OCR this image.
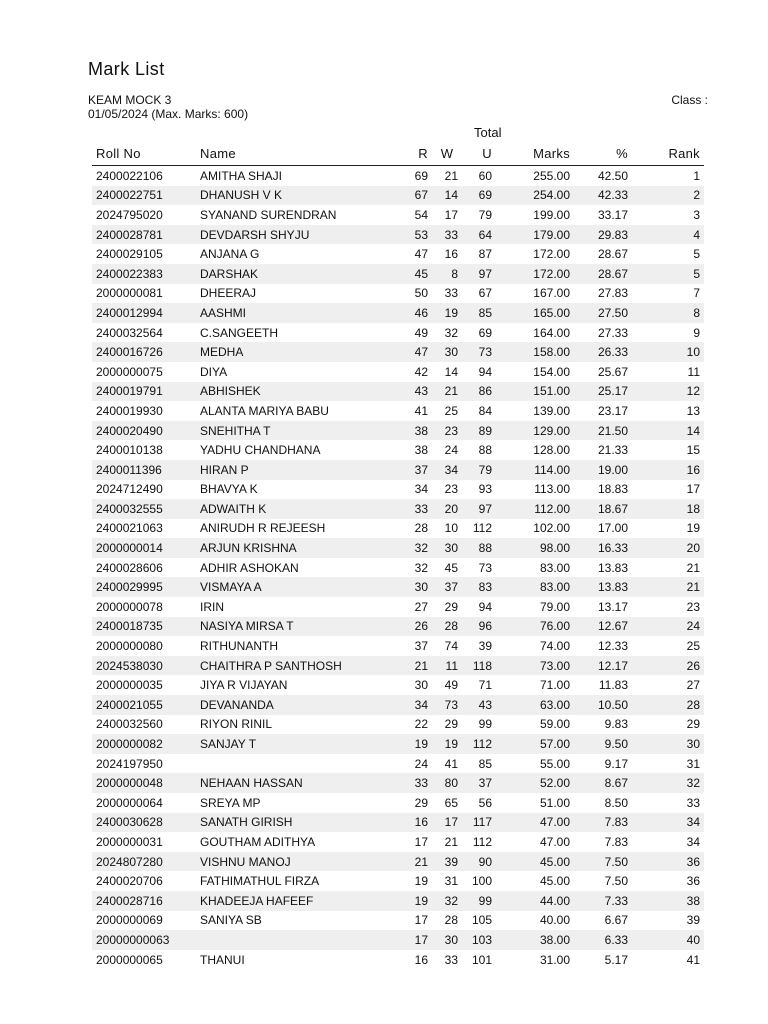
Mark List
KEAM MOCK 3
01/05/2024 (Max. Marks: 600)
Class :
Total
Roll No	Name	R	W	U	Marks	%	Rank
2400022106	AMITHA SHAJI	69	21	60	255.00	42.50	1
2400022751	DHANUSH V K	67	14	69	254.00	42.33	2
2024795020	SYANAND SURENDRAN	54	17	79	199.00	33.17	3
2400028781	DEVDARSH SHYJU	53	33	64	179.00	29.83	4
2400029105	ANJANA G	47	16	87	172.00	28.67	5
2400022383	DARSHAK	45	8	97	172.00	28.67	5
2000000081	DHEERAJ	50	33	67	167.00	27.83	7
2400012994	AASHMI	46	19	85	165.00	27.50	8
2400032564	C.SANGEETH	49	32	69	164.00	27.33	9
2400016726	MEDHA	47	30	73	158.00	26.33	10
2000000075	DIYA	42	14	94	154.00	25.67	11
2400019791	ABHISHEK	43	21	86	151.00	25.17	12
2400019930	ALANTA MARIYA BABU	41	25	84	139.00	23.17	13
2400020490	SNEHITHA T	38	23	89	129.00	21.50	14
2400010138	YADHU CHANDHANA	38	24	88	128.00	21.33	15
2400011396	HIRAN P	37	34	79	114.00	19.00	16
2024712490	BHAVYA K	34	23	93	113.00	18.83	17
2400032555	ADWAITH K	33	20	97	112.00	18.67	18
2400021063	ANIRUDH R REJEESH	28	10	112	102.00	17.00	19
2000000014	ARJUN KRISHNA	32	30	88	98.00	16.33	20
2400028606	ADHIR ASHOKAN	32	45	73	83.00	13.83	21
2400029995	VISMAYA A	30	37	83	83.00	13.83	21
2000000078	IRIN	27	29	94	79.00	13.17	23
2400018735	NASIYA MIRSA T	26	28	96	76.00	12.67	24
2000000080	RITHUNANTH	37	74	39	74.00	12.33	25
2024538030	CHAITHRA P SANTHOSH	21	11	118	73.00	12.17	26
2000000035	JIYA R VIJAYAN	30	49	71	71.00	11.83	27
2400021055	DEVANANDA	34	73	43	63.00	10.50	28
2400032560	RIYON RINIL	22	29	99	59.00	9.83	29
2000000082	SANJAY T	19	19	112	57.00	9.50	30
2024197950		24	41	85	55.00	9.17	31
2000000048	NEHAAN HASSAN	33	80	37	52.00	8.67	32
2000000064	SREYA MP	29	65	56	51.00	8.50	33
2400030628	SANATH GIRISH	16	17	117	47.00	7.83	34
2000000031	GOUTHAM ADITHYA	17	21	112	47.00	7.83	34
2024807280	VISHNU MANOJ	21	39	90	45.00	7.50	36
2400020706	FATHIMATHUL FIRZA	19	31	100	45.00	7.50	36
2400028716	KHADEEJA HAFEEF	19	32	99	44.00	7.33	38
2000000069	SANIYA SB	17	28	105	40.00	6.67	39
20000000063		17	30	103	38.00	6.33	40
2000000065	THANUI	16	33	101	31.00	5.17	41
